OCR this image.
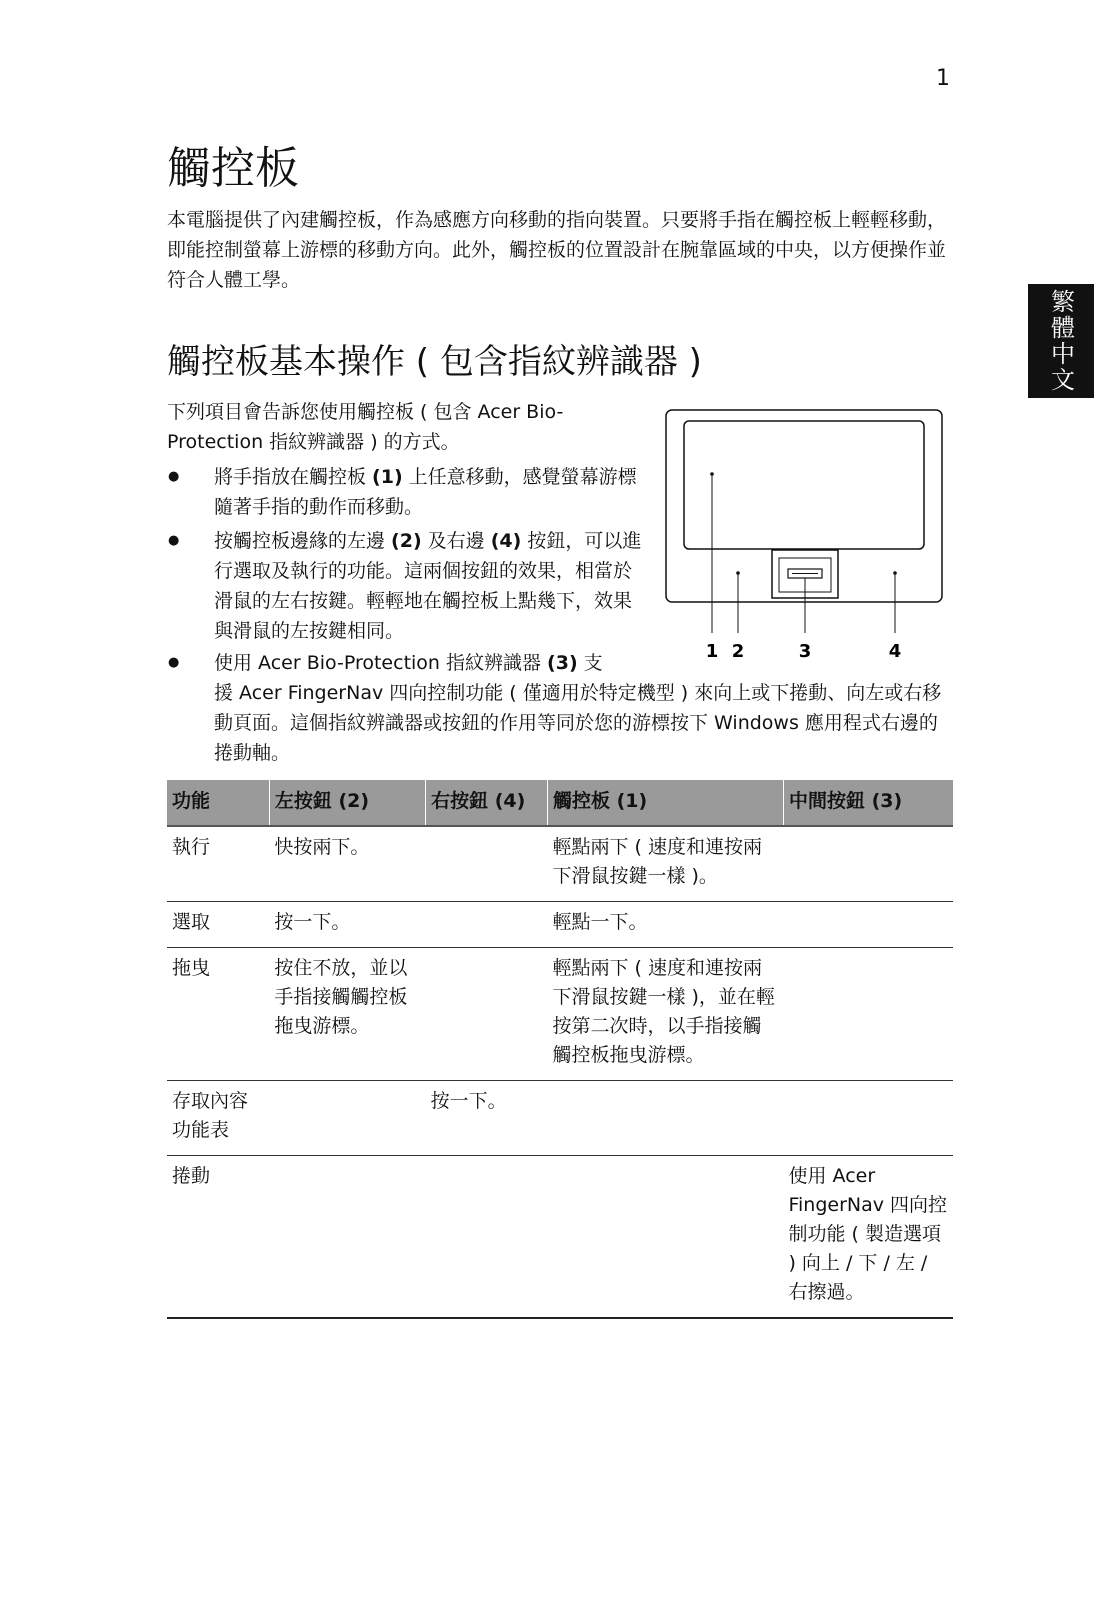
1
繁體中文
觸控板

本電腦提供了內建觸控板，作為感應方向移動的指向裝置。只要將手指在觸控板上輕輕移動，即能控制螢幕上游標的移動方向。此外，觸控板的位置設計在腕靠區域的中央，以方便操作並符合人體工學。

觸控板基本操作 ( 包含指紋辨識器 )

下列項目會告訴您使用觸控板 ( 包含 Acer Bio-Protection 指紋辨識器 ) 的方式。

● 將手指放在觸控板 (1) 上任意移動，感覺螢幕游標隨著手指的動作而移動。

● 按觸控板邊緣的左邊 (2) 及右邊 (4) 按鈕，可以進行選取及執行的功能。這兩個按鈕的效果，相當於滑鼠的左右按鍵。輕輕地在觸控板上點幾下，效果與滑鼠的左按鍵相同。

● 使用 Acer Bio-Protection 指紋辨識器 (3) 支
援 Acer FingerNav 四向控制功能 ( 僅適用於特定機型 ) 來向上或下捲動、向左或右移動頁面。這個指紋辨識器或按鈕的作用等同於您的游標按下 Windows 應用程式右邊的捲動軸。

1 2	3	4
功能	左按鈕 (2)	右按鈕 (4)	觸控板 (1)	中間按鈕 (3)
執行	快按兩下。		輕點兩下 ( 速度和連按兩下滑鼠按鍵一樣 )。	
選取	按一下。		輕點一下。	
拖曳	按住不放，並以手指接觸觸控板拖曳游標。		輕點兩下 ( 速度和連按兩下滑鼠按鍵一樣 )，並在輕按第二次時，以手指接觸觸控板拖曳游標。	
存取內容功能表		按一下。		
捲動				使用 Acer FingerNav 四向控制功能 ( 製造選項 ) 向上 / 下 / 左 / 右擦過。
